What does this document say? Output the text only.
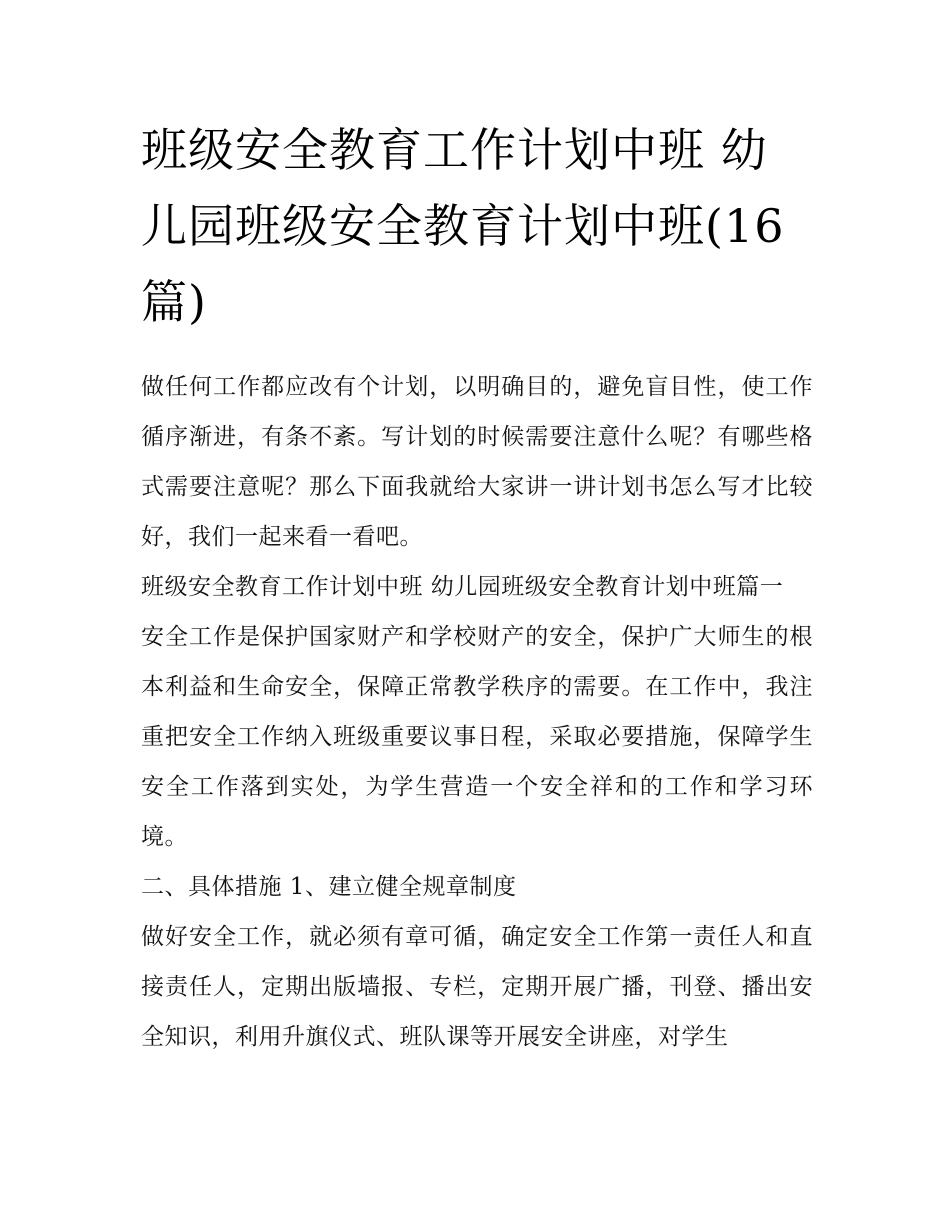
班级安全教育工作计划中班 幼儿园班级安全教育计划中班(16篇)

做任何工作都应改有个计划，以明确目的，避免盲目性，使工作循序渐进，有条不紊。写计划的时候需要注意什么呢？有哪些格式需要注意呢？那么下面我就给大家讲一讲计划书怎么写才比较好，我们一起来看一看吧。

班级安全教育工作计划中班 幼儿园班级安全教育计划中班篇一

安全工作是保护国家财产和学校财产的安全，保护广大师生的根本利益和生命安全，保障正常教学秩序的需要。在工作中，我注重把安全工作纳入班级重要议事日程，采取必要措施，保障学生安全工作落到实处，为学生营造一个安全祥和的工作和学习环境。

二、具体措施 1、建立健全规章制度

做好安全工作，就必须有章可循，确定安全工作第一责任人和直接责任人，定期出版墙报、专栏，定期开展广播，刊登、播出安全知识，利用升旗仪式、班队课等开展安全讲座，对学生
